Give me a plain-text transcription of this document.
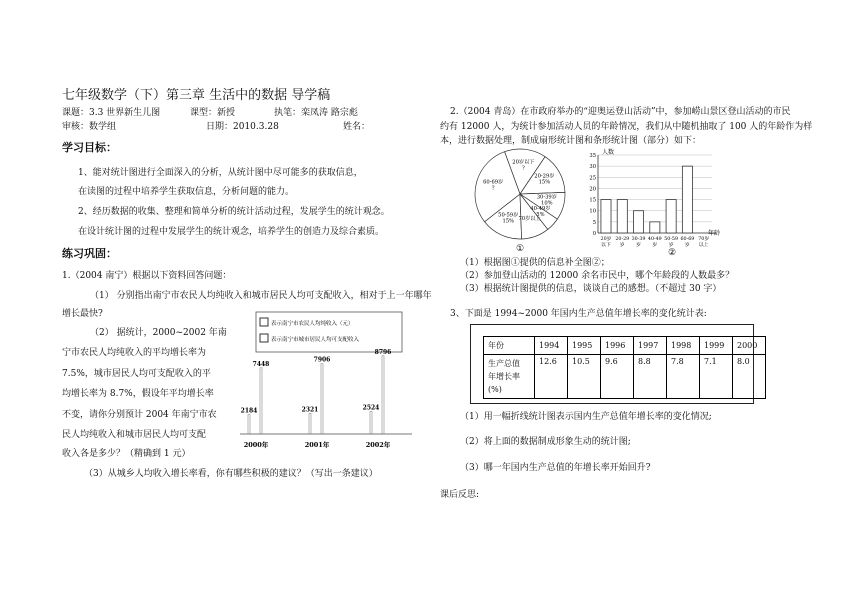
七年级数学（下）第三章 生活中的数据 导学稿
课题：3.3 世界新生儿图	课型：新授	执笔：栾凤涛 路宗彪
审核：数学组	日期：2010.3.28	姓名：
学习目标：
1、能对统计图进行全面深入的分析，从统计图中尽可能多的获取信息，
在读图的过程中培养学生获取信息，分析问题的能力。
2、经历数据的收集、整理和简单分析的统计活动过程，发展学生的统计观念。
在设计统计图的过程中发展学生的统计观念，培养学生的创造力及综合素质。
练习巩固：
1.（2004 南宁）根据以下资料回答问题：
（1） 分别指出南宁市农民人均纯收入和城市居民人均可支配收入，相对于上一年哪年
增长最快?
（2） 据统计，2000~2002 年南
宁市农民人均纯收入的平均增长率为
7.5%，城市居民人均可支配收入的平
均增长率为 8.7%，假设年平均增长率
不变，请你分别预计 2004 年南宁市农
民人均纯收入和城市居民人均可支配
收入各是多少？（精确到 1 元）
（3）从城乡人均收入增长率看，你有哪些积极的建议？（写出一条建议）
表示南宁市农民人均纯收入（元）
表示南宁市城市居民人均可支配收入
2184
7448
2321
7906
2524
8796
2000年	2001年	2002年
2.（2004 青岛）在市政府举办的“迎奥运登山活动”中，参加崂山景区登山活动的市民
约有 12000 人，为统计参加活动人员的年龄情况，我们从中随机抽取了 100 人的年龄作为样
本，进行数据处理，制成扇形统计图和条形统计图（部分）如下：
20岁以下?
20-29岁 15%
30-39岁 10%
40-49岁 5%
50-59岁 15%
60-69岁?
70岁以上
①
人数
0
5
10
15
20
25
30
35
20岁
以下
20-29
岁
30-39
岁
40-49
岁
50-59
岁
60-69
岁
70岁
以上
年龄
②
（1）根据图①提供的信息补全图②；
（2）参加登山活动的 12000 余名市民中，哪个年龄段的人数最多？
（3）根据统计图提供的信息，谈谈自己的感想。（不超过 30 字）
3、下面是 1994~2000 年国内生产总值年增长率的变化统计表:
年份	1994	1995	1996	1997	1998	1999	2000

生产总值
年增长率
(%)	12.6	10.5	9.6	8.8	7.8	7.1	8.0
（1）用一幅折线统计图表示国内生产总值年增长率的变化情况;
（2）将上面的数据制成形象生动的统计图;
（3）哪一年国内生产总值的年增长率开始回升?
课后反思:
